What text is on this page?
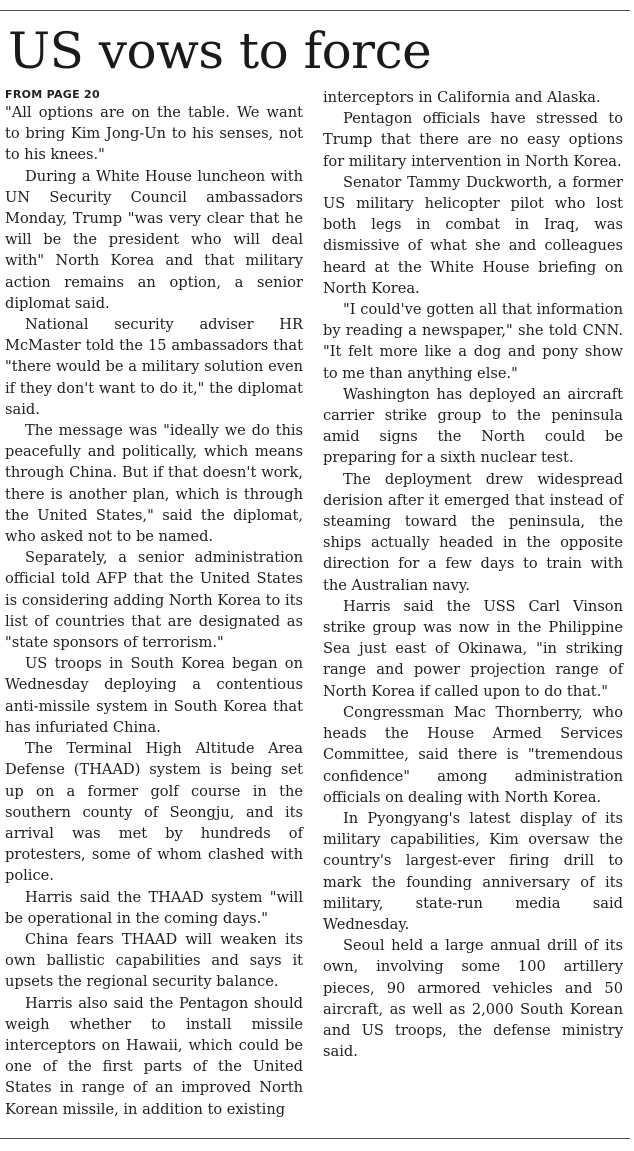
US vows to force
FROM PAGE 20

"All options are on the table. We want to bring Kim Jong-Un to his senses, not to his knees."

During a White House luncheon with UN Security Council ambassadors Monday, Trump "was very clear that he will be the president who will deal with" North Korea and that military action remains an option, a senior diplomat said.

National security adviser HR McMaster told the 15 ambassadors that "there would be a military solution even if they don't want to do it," the diplomat said.

The message was "ideally we do this peacefully and politically, which means through China. But if that doesn't work, there is another plan, which is through the United States," said the diplomat, who asked not to be named.

Separately, a senior administration official told AFP that the United States is considering adding North Korea to its list of countries that are designated as "state sponsors of terrorism."

US troops in South Korea began on Wednesday deploying a contentious anti-missile system in South Korea that has infuriated China.

The Terminal High Altitude Area Defense (THAAD) system is being set up on a former golf course in the southern county of Seongju, and its arrival was met by hundreds of protesters, some of whom clashed with police.

Harris said the THAAD system "will be operational in the coming days."

China fears THAAD will weaken its own ballistic capabilities and says it upsets the regional security balance.

Harris also said the Pentagon should weigh whether to install missile interceptors on Hawaii, which could be one of the first parts of the United States in range of an improved North Korean missile, in addition to existing

interceptors in California and Alaska.

Pentagon officials have stressed to Trump that there are no easy options for military intervention in North Korea.

Senator Tammy Duckworth, a former US military helicopter pilot who lost both legs in combat in Iraq, was dismissive of what she and colleagues heard at the White House briefing on North Korea.

"I could've gotten all that information by reading a newspaper," she told CNN. "It felt more like a dog and pony show to me than anything else."

Washington has deployed an aircraft carrier strike group to the peninsula amid signs the North could be preparing for a sixth nuclear test.

The deployment drew widespread derision after it emerged that instead of steaming toward the peninsula, the ships actually headed in the opposite direction for a few days to train with the Australian navy.

Harris said the USS Carl Vinson strike group was now in the Philippine Sea just east of Okinawa, "in striking range and power projection range of North Korea if called upon to do that."

Congressman Mac Thornberry, who heads the House Armed Services Committee, said there is "tremendous confidence" among administration officials on dealing with North Korea.

In Pyongyang's latest display of its military capabilities, Kim oversaw the country's largest-ever firing drill to mark the founding anniversary of its military, state-run media said Wednesday.

Seoul held a large annual drill of its own, involving some 100 artillery pieces, 90 armored vehicles and 50 aircraft, as well as 2,000 South Korean and US troops, the defense ministry said.
